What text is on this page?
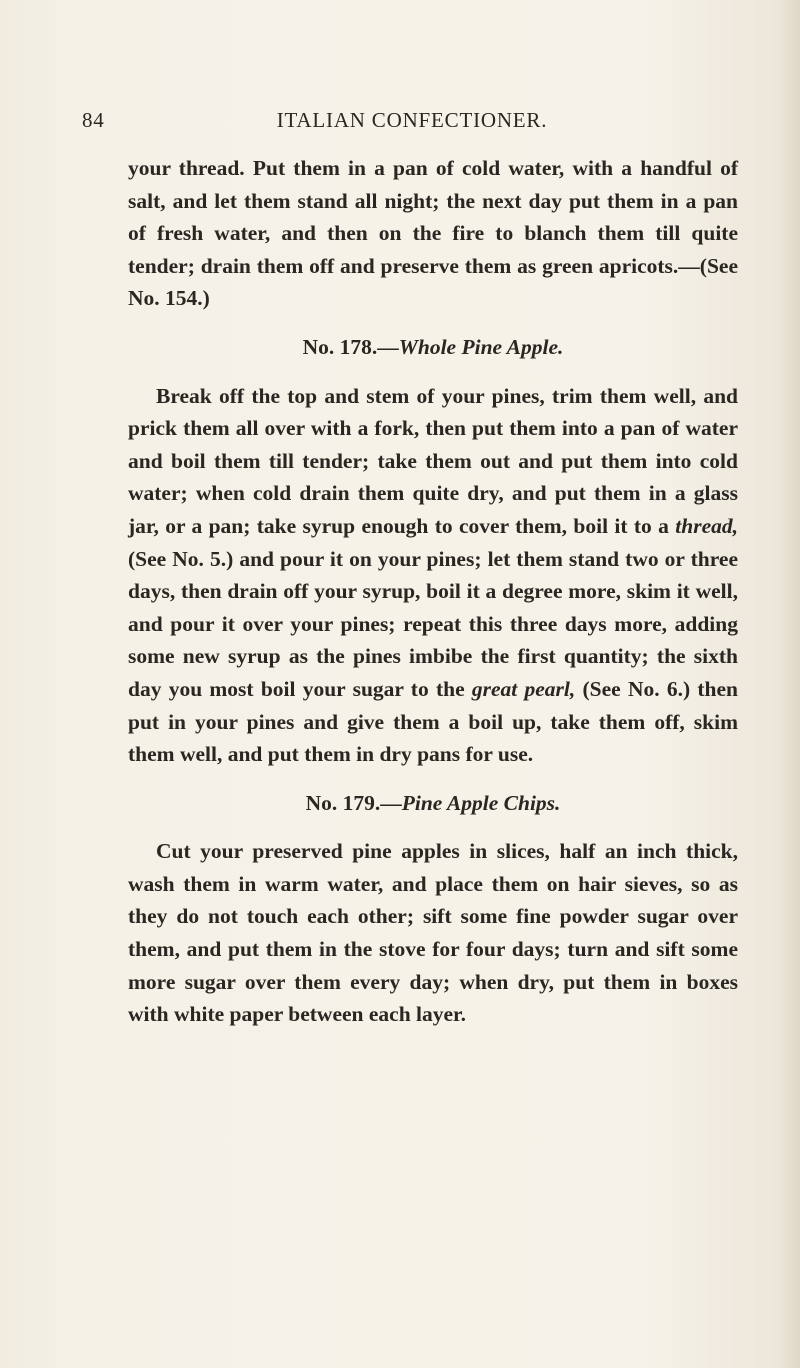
84	ITALIAN CONFECTIONER.

your thread. Put them in a pan of cold water, with a handful of salt, and let them stand all night; the next day put them in a pan of fresh water, and then on the fire to blanch them till quite tender; drain them off and preserve them as green apricots.—(See No. 154.)

No. 178.—Whole Pine Apple.

Break off the top and stem of your pines, trim them well, and prick them all over with a fork, then put them into a pan of water and boil them till tender; take them out and put them into cold water; when cold drain them quite dry, and put them in a glass jar, or a pan; take syrup enough to cover them, boil it to a thread, (See No. 5.) and pour it on your pines; let them stand two or three days, then drain off your syrup, boil it a degree more, skim it well, and pour it over your pines; repeat this three days more, adding some new syrup as the pines imbibe the first quantity; the sixth day you most boil your sugar to the great pearl, (See No. 6.) then put in your pines and give them a boil up, take them off, skim them well, and put them in dry pans for use.

No. 179.—Pine Apple Chips.

Cut your preserved pine apples in slices, half an inch thick, wash them in warm water, and place them on hair sieves, so as they do not touch each other; sift some fine powder sugar over them, and put them in the stove for four days; turn and sift some more sugar over them every day; when dry, put them in boxes with white paper between each layer.
